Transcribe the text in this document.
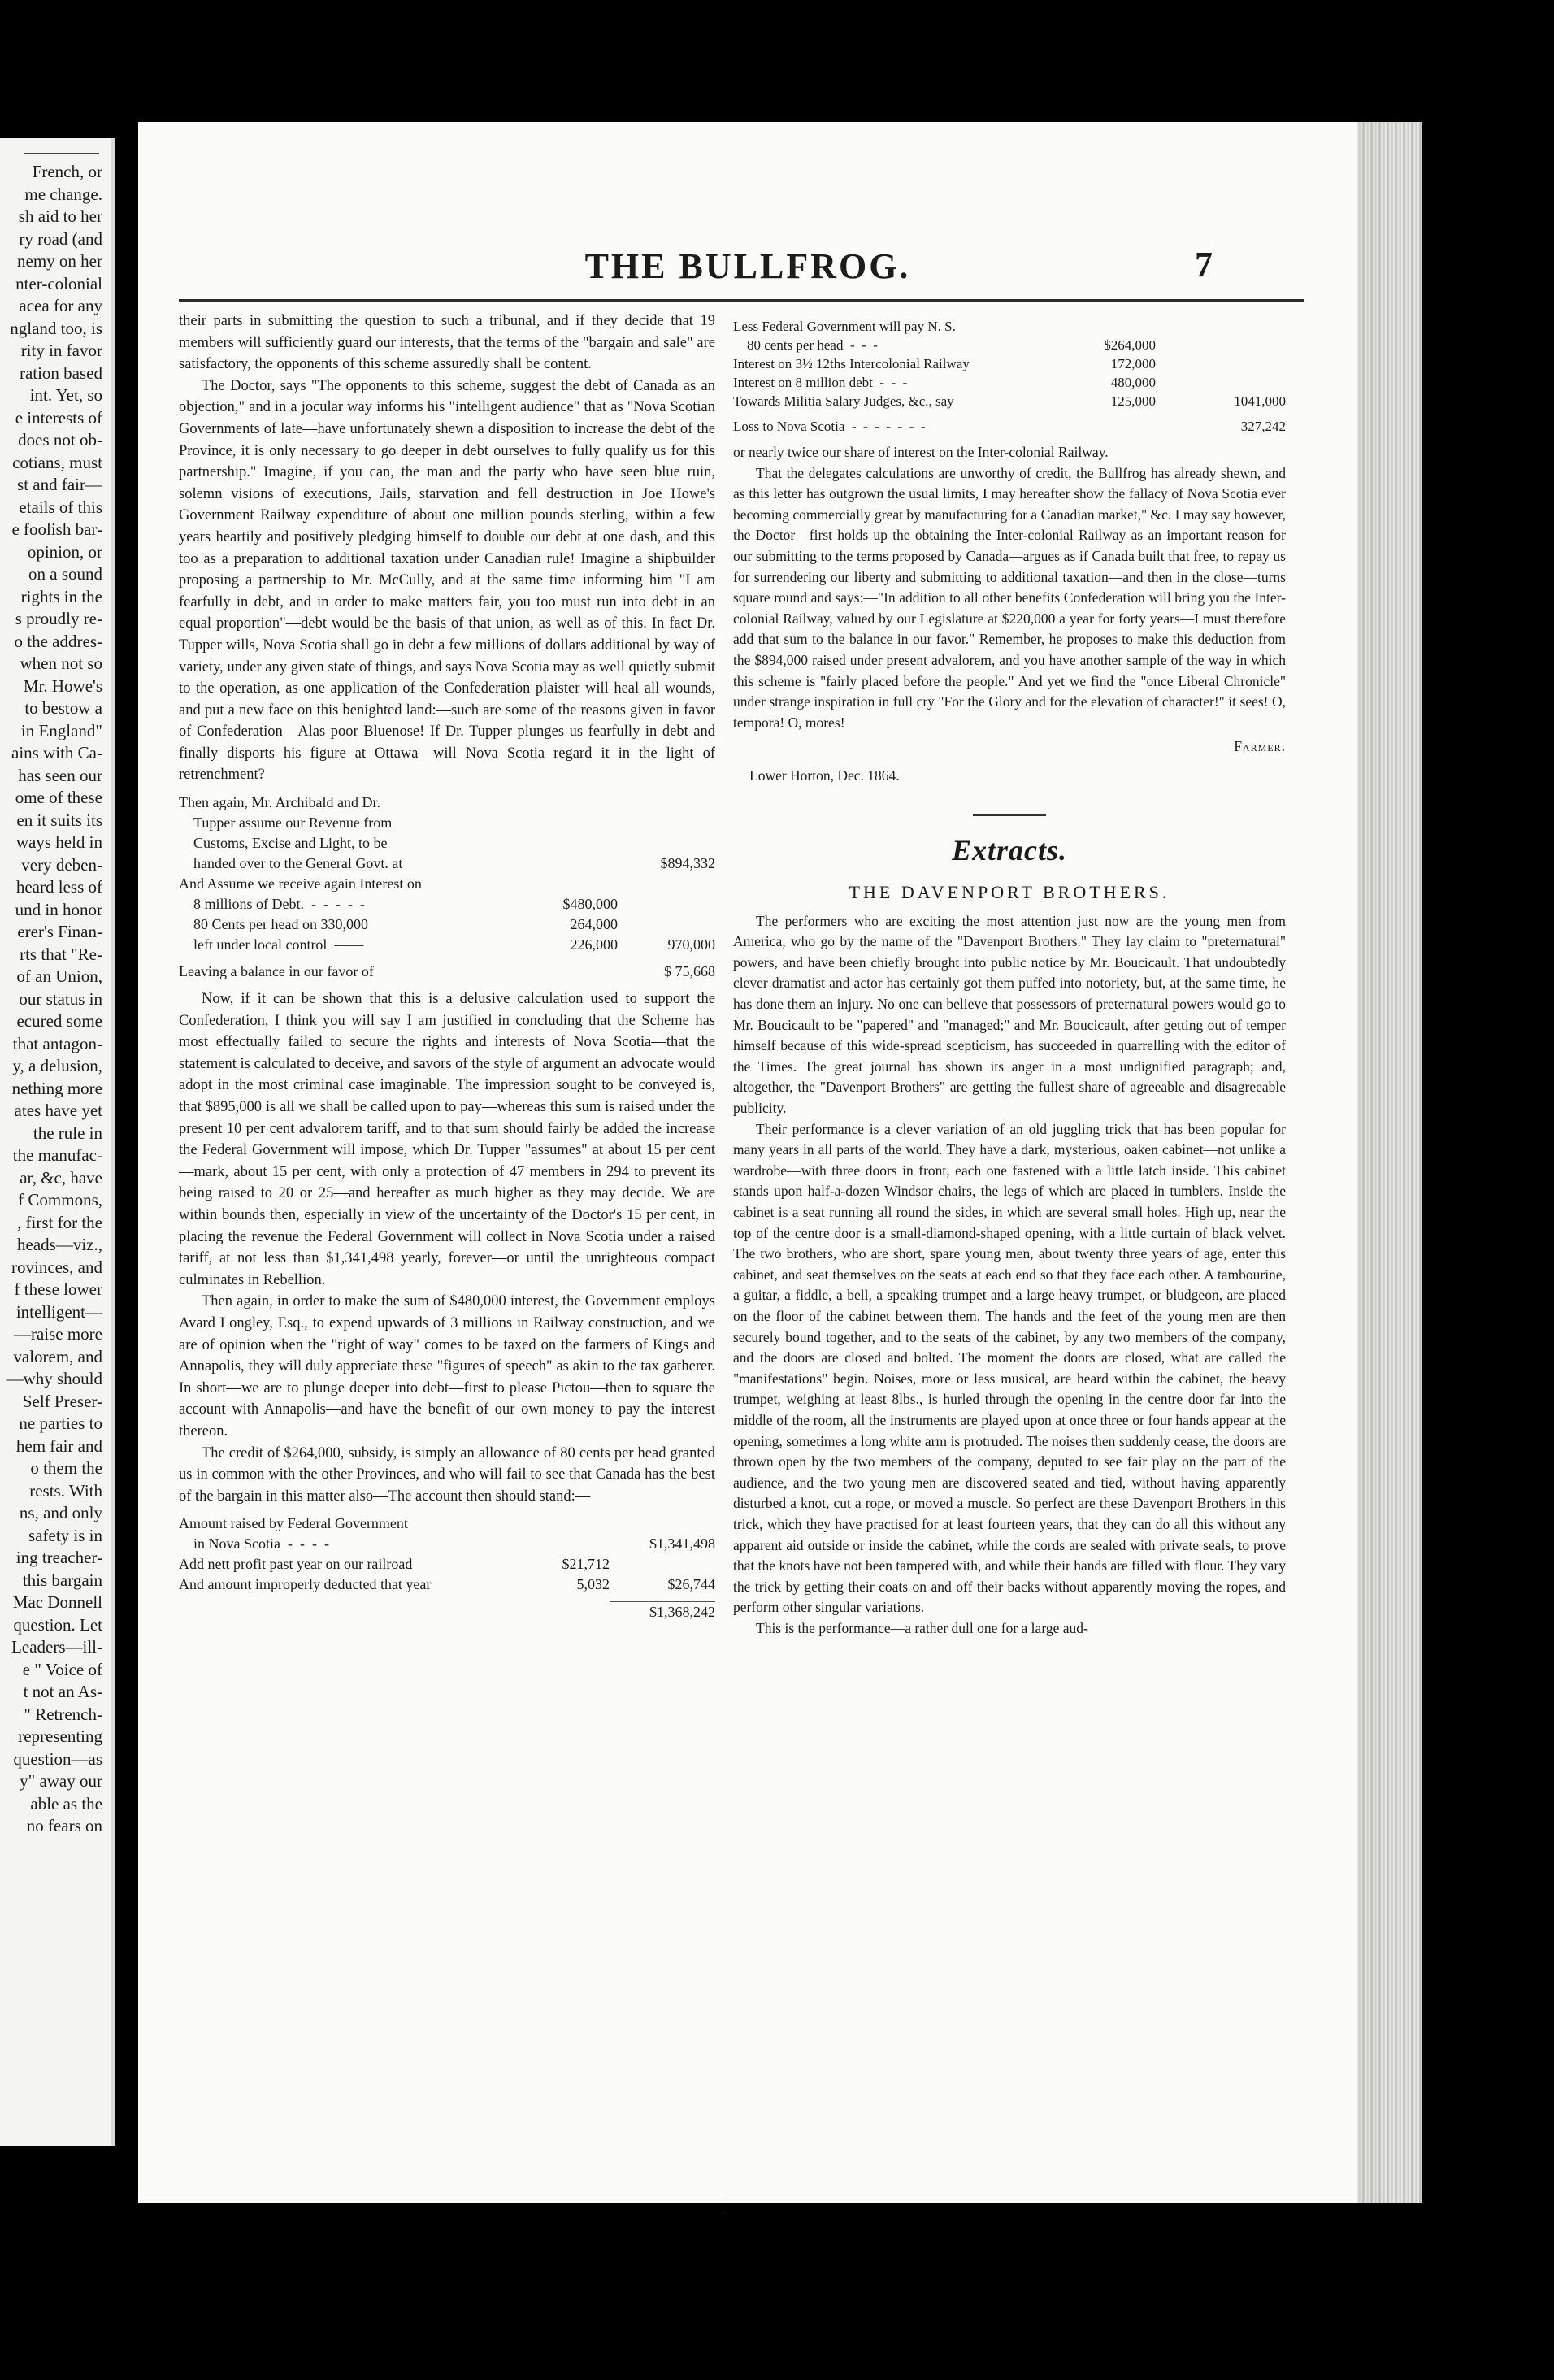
French, or
me change.
sh aid to her
ry road (and
nemy on her
nter-colonial
acea for any
ngland too, is
rity in favor
ration based
int. Yet, so
e interests of
does not ob-
cotians, must
st and fair—
etails of this
e foolish bar-
opinion, or
on a sound
rights in the
s proudly re-
o the addres-
when not so
Mr. Howe's
to bestow a
in England"
ains with Ca-
has seen our
ome of these
en it suits its
ways held in
very deben-
heard less of
und in honor
erer's Finan-
rts that "Re-
of an Union,
our status in
ecured some
that antagon-
y, a delusion,
nething more
ates have yet
the rule in
the manufac-
ar, &c, have
f Commons,
, first for the
heads—viz.,
rovinces, and
f these lower
intelligent—
—raise more
valorem, and
—why should
Self Preser-
ne parties to
hem fair and
o them the
rests. With
ns, and only
safety is in
ing treacher-
this bargain
Mac Donnell
question. Let
Leaders—ill-
e " Voice of
t not an As-
" Retrench-
representing
question—as
y" away our
able as the
no fears on
THE BULLFROG.	7

their parts in submitting the question to such a tribunal, and if they decide that 19 members will sufficiently guard our interests, that the terms of the "bargain and sale" are satisfactory, the opponents of this scheme assuredly shall be content.

The Doctor, says "The opponents to this scheme, suggest the debt of Canada as an objection," and in a jocular way informs his "intelligent audience" that as "Nova Scotian Governments of late—have unfortunately shewn a disposition to increase the debt of the Province, it is only necessary to go deeper in debt ourselves to fully qualify us for this partnership." Imagine, if you can, the man and the party who have seen blue ruin, solemn visions of executions, Jails, starvation and fell destruction in Joe Howe's Government Railway expenditure of about one million pounds sterling, within a few years heartily and positively pledging himself to double our debt at one dash, and this too as a preparation to additional taxation under Canadian rule! Imagine a shipbuilder proposing a partnership to Mr. McCully, and at the same time informing him "I am fearfully in debt, and in order to make matters fair, you too must run into debt in an equal proportion"—debt would be the basis of that union, as well as of this. In fact Dr. Tupper wills, Nova Scotia shall go in debt a few millions of dollars additional by way of variety, under any given state of things, and says Nova Scotia may as well quietly submit to the operation, as one application of the Confederation plaister will heal all wounds, and put a new face on this benighted land:—such are some of the reasons given in favor of Confederation—Alas poor Bluenose! If Dr. Tupper plunges us fearfully in debt and finally disports his figure at Ottawa—will Nova Scotia regard it in the light of retrenchment?

Then again, Mr. Archibald and Dr.
Tupper assume our Revenue from
Customs, Excise and Light, to be
handed over to the General Govt. at	$894,332
And Assume we receive again Interest on
8 millions of Debt.  -  -  -  -  -	$480,000
80 Cents per head on 330,000	264,000
left under local control  ——	226,000	970,000
Leaving a balance in our favor of	$ 75,668

Now, if it can be shown that this is a delusive calculation used to support the Confederation, I think you will say I am justified in concluding that the Scheme has most effectually failed to secure the rights and interests of Nova Scotia—that the statement is calculated to deceive, and savors of the style of argument an advocate would adopt in the most criminal case imaginable. The impression sought to be conveyed is, that $895,000 is all we shall be called upon to pay—whereas this sum is raised under the present 10 per cent advalorem tariff, and to that sum should fairly be added the increase the Federal Government will impose, which Dr. Tupper "assumes" at about 15 per cent—mark, about 15 per cent, with only a protection of 47 members in 294 to prevent its being raised to 20 or 25—and hereafter as much higher as they may decide. We are within bounds then, especially in view of the uncertainty of the Doctor's 15 per cent, in placing the revenue the Federal Government will collect in Nova Scotia under a raised tariff, at not less than $1,341,498 yearly, forever—or until the unrighteous compact culminates in Rebellion.

Then again, in order to make the sum of $480,000 interest, the Government employs Avard Longley, Esq., to expend upwards of 3 millions in Railway construction, and we are of opinion when the "right of way" comes to be taxed on the farmers of Kings and Annapolis, they will duly appreciate these "figures of speech" as akin to the tax gatherer. In short—we are to plunge deeper into debt—first to please Pictou—then to square the account with Annapolis—and have the benefit of our own money to pay the interest thereon.

The credit of $264,000, subsidy, is simply an allowance of 80 cents per head granted us in common with the other Provinces, and who will fail to see that Canada has the best of the bargain in this matter also—The account then should stand:—

Amount raised by Federal Government
in Nova Scotia  -  -  -  -	$1,341,498
Add nett profit past year on our railroad	$21,712
And amount improperly deducted that year	5,032	$26,744
$1,368,242
Less Federal Government will pay N. S.
80 cents per head  -  -  -	$264,000
Interest on 3½ 12ths Intercolonial Railway	172,000
Interest on 8 million debt  -  -  -	480,000
Towards Militia Salary Judges, &c., say	125,000	1041,000
Loss to Nova Scotia  -  -  -  -  -  -  -	327,242

or nearly twice our share of interest on the Inter-colonial Railway.

That the delegates calculations are unworthy of credit, the Bullfrog has already shewn, and as this letter has outgrown the usual limits, I may hereafter show the fallacy of Nova Scotia ever becoming commercially great by manufacturing for a Canadian market," &c. I may say however, the Doctor—first holds up the obtaining the Inter-colonial Railway as an important reason for our submitting to the terms proposed by Canada—argues as if Canada built that free, to repay us for surrendering our liberty and submitting to additional taxation—and then in the close—turns square round and says:—"In addition to all other benefits Confederation will bring you the Inter-colonial Railway, valued by our Legislature at $220,000 a year for forty years—I must therefore add that sum to the balance in our favor." Remember, he proposes to make this deduction from the $894,000 raised under present advalorem, and you have another sample of the way in which this scheme is "fairly placed before the people." And yet we find the "once Liberal Chronicle" under strange inspiration in full cry "For the Glory and for the elevation of character!" it sees! O, tempora! O, mores!

Farmer.
Lower Horton, Dec. 1864.
Extracts.
THE DAVENPORT BROTHERS.

The performers who are exciting the most attention just now are the young men from America, who go by the name of the "Davenport Brothers." They lay claim to "preternatural" powers, and have been chiefly brought into public notice by Mr. Boucicault. That undoubtedly clever dramatist and actor has certainly got them puffed into notoriety, but, at the same time, he has done them an injury. No one can believe that possessors of preternatural powers would go to Mr. Boucicault to be "papered" and "managed;" and Mr. Boucicault, after getting out of temper himself because of this wide-spread scepticism, has succeeded in quarrelling with the editor of the Times. The great journal has shown its anger in a most undignified paragraph; and, altogether, the "Davenport Brothers" are getting the fullest share of agreeable and disagreeable publicity.

Their performance is a clever variation of an old juggling trick that has been popular for many years in all parts of the world. They have a dark, mysterious, oaken cabinet—not unlike a wardrobe—with three doors in front, each one fastened with a little latch inside. This cabinet stands upon half-a-dozen Windsor chairs, the legs of which are placed in tumblers. Inside the cabinet is a seat running all round the sides, in which are several small holes. High up, near the top of the centre door is a small-diamond-shaped opening, with a little curtain of black velvet. The two brothers, who are short, spare young men, about twenty three years of age, enter this cabinet, and seat themselves on the seats at each end so that they face each other. A tambourine, a guitar, a fiddle, a bell, a speaking trumpet and a large heavy trumpet, or bludgeon, are placed on the floor of the cabinet between them. The hands and the feet of the young men are then securely bound together, and to the seats of the cabinet, by any two members of the company, and the doors are closed and bolted. The moment the doors are closed, what are called the "manifestations" begin. Noises, more or less musical, are heard within the cabinet, the heavy trumpet, weighing at least 8lbs., is hurled through the opening in the centre door far into the middle of the room, all the instruments are played upon at once three or four hands appear at the opening, sometimes a long white arm is protruded. The noises then suddenly cease, the doors are thrown open by the two members of the company, deputed to see fair play on the part of the audience, and the two young men are discovered seated and tied, without having apparently disturbed a knot, cut a rope, or moved a muscle. So perfect are these Davenport Brothers in this trick, which they have practised for at least fourteen years, that they can do all this without any apparent aid outside or inside the cabinet, while the cords are sealed with private seals, to prove that the knots have not been tampered with, and while their hands are filled with flour. They vary the trick by getting their coats on and off their backs without apparently moving the ropes, and perform other singular variations.

This is the performance—a rather dull one for a large aud-
